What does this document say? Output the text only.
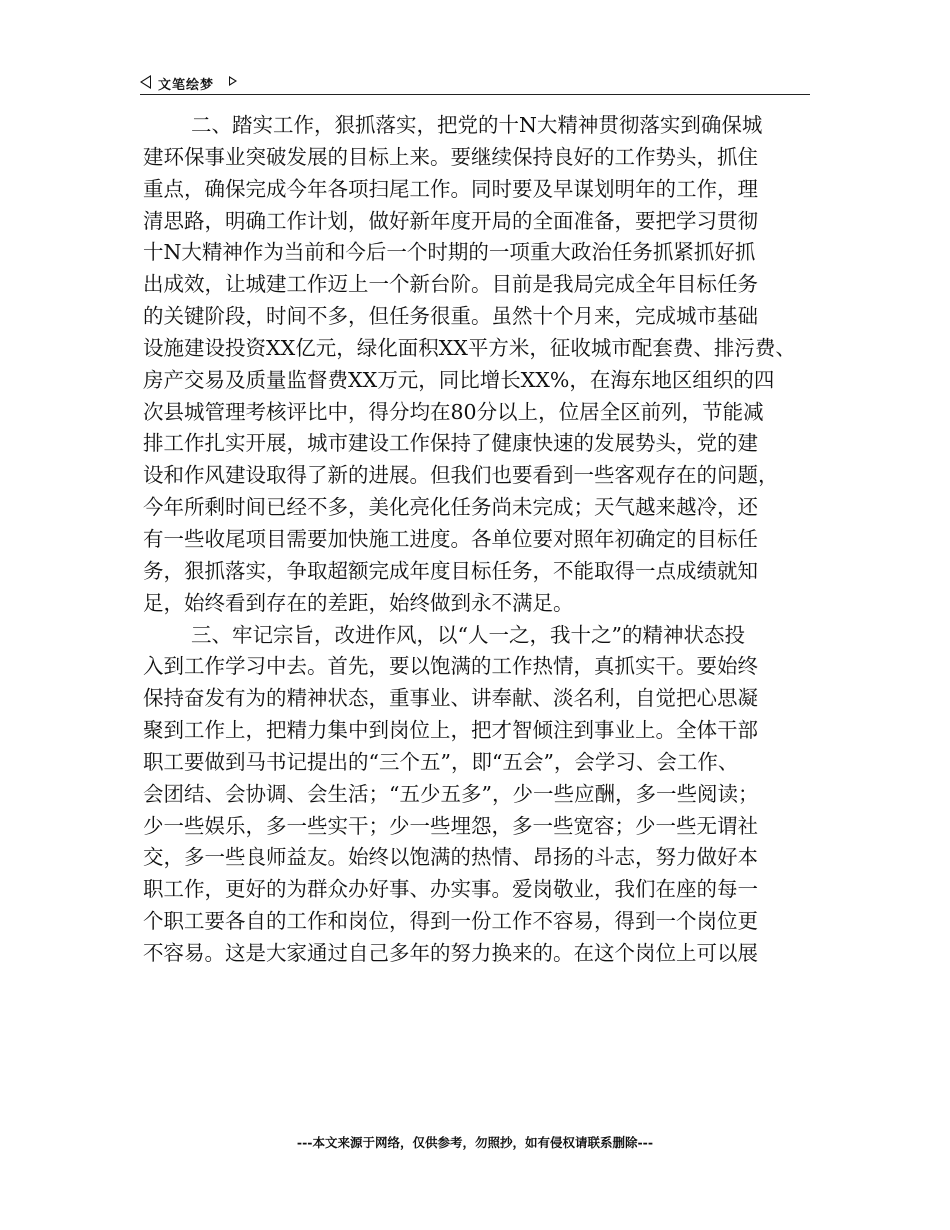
文笔绘梦
二、踏实工作，狠抓落实，把党的十N大精神贯彻落实到确保城
建环保事业突破发展的目标上来。要继续保持良好的工作势头，抓住
重点，确保完成今年各项扫尾工作。同时要及早谋划明年的工作，理
清思路，明确工作计划，做好新年度开局的全面准备，要把学习贯彻
十N大精神作为当前和今后一个时期的一项重大政治任务抓紧抓好抓
出成效，让城建工作迈上一个新台阶。目前是我局完成全年目标任务
的关键阶段，时间不多，但任务很重。虽然十个月来，完成城市基础
设施建设投资XX亿元，绿化面积XX平方米，征收城市配套费、排污费、
房产交易及质量监督费XX万元，同比增长XX%，在海东地区组织的四
次县城管理考核评比中，得分均在80分以上，位居全区前列，节能减
排工作扎实开展，城市建设工作保持了健康快速的发展势头，党的建
设和作风建设取得了新的进展。但我们也要看到一些客观存在的问题，
今年所剩时间已经不多，美化亮化任务尚未完成；天气越来越冷，还
有一些收尾项目需要加快施工进度。各单位要对照年初确定的目标任
务，狠抓落实，争取超额完成年度目标任务，不能取得一点成绩就知
足，始终看到存在的差距，始终做到永不满足。
三、牢记宗旨，改进作风，以“人一之，我十之”的精神状态投
入到工作学习中去。首先，要以饱满的工作热情，真抓实干。要始终
保持奋发有为的精神状态，重事业、讲奉献、淡名利，自觉把心思凝
聚到工作上，把精力集中到岗位上，把才智倾注到事业上。全体干部
职工要做到马书记提出的“三个五”，即“五会”，会学习、会工作、
会团结、会协调、会生活；“五少五多”，少一些应酬，多一些阅读；
少一些娱乐，多一些实干；少一些埋怨，多一些宽容；少一些无谓社
交，多一些良师益友。始终以饱满的热情、昂扬的斗志，努力做好本
职工作，更好的为群众办好事、办实事。爱岗敬业，我们在座的每一
个职工要各自的工作和岗位，得到一份工作不容易，得到一个岗位更
不容易。这是大家通过自己多年的努力换来的。在这个岗位上可以展
---本文来源于网络，仅供参考，勿照抄，如有侵权请联系删除---
